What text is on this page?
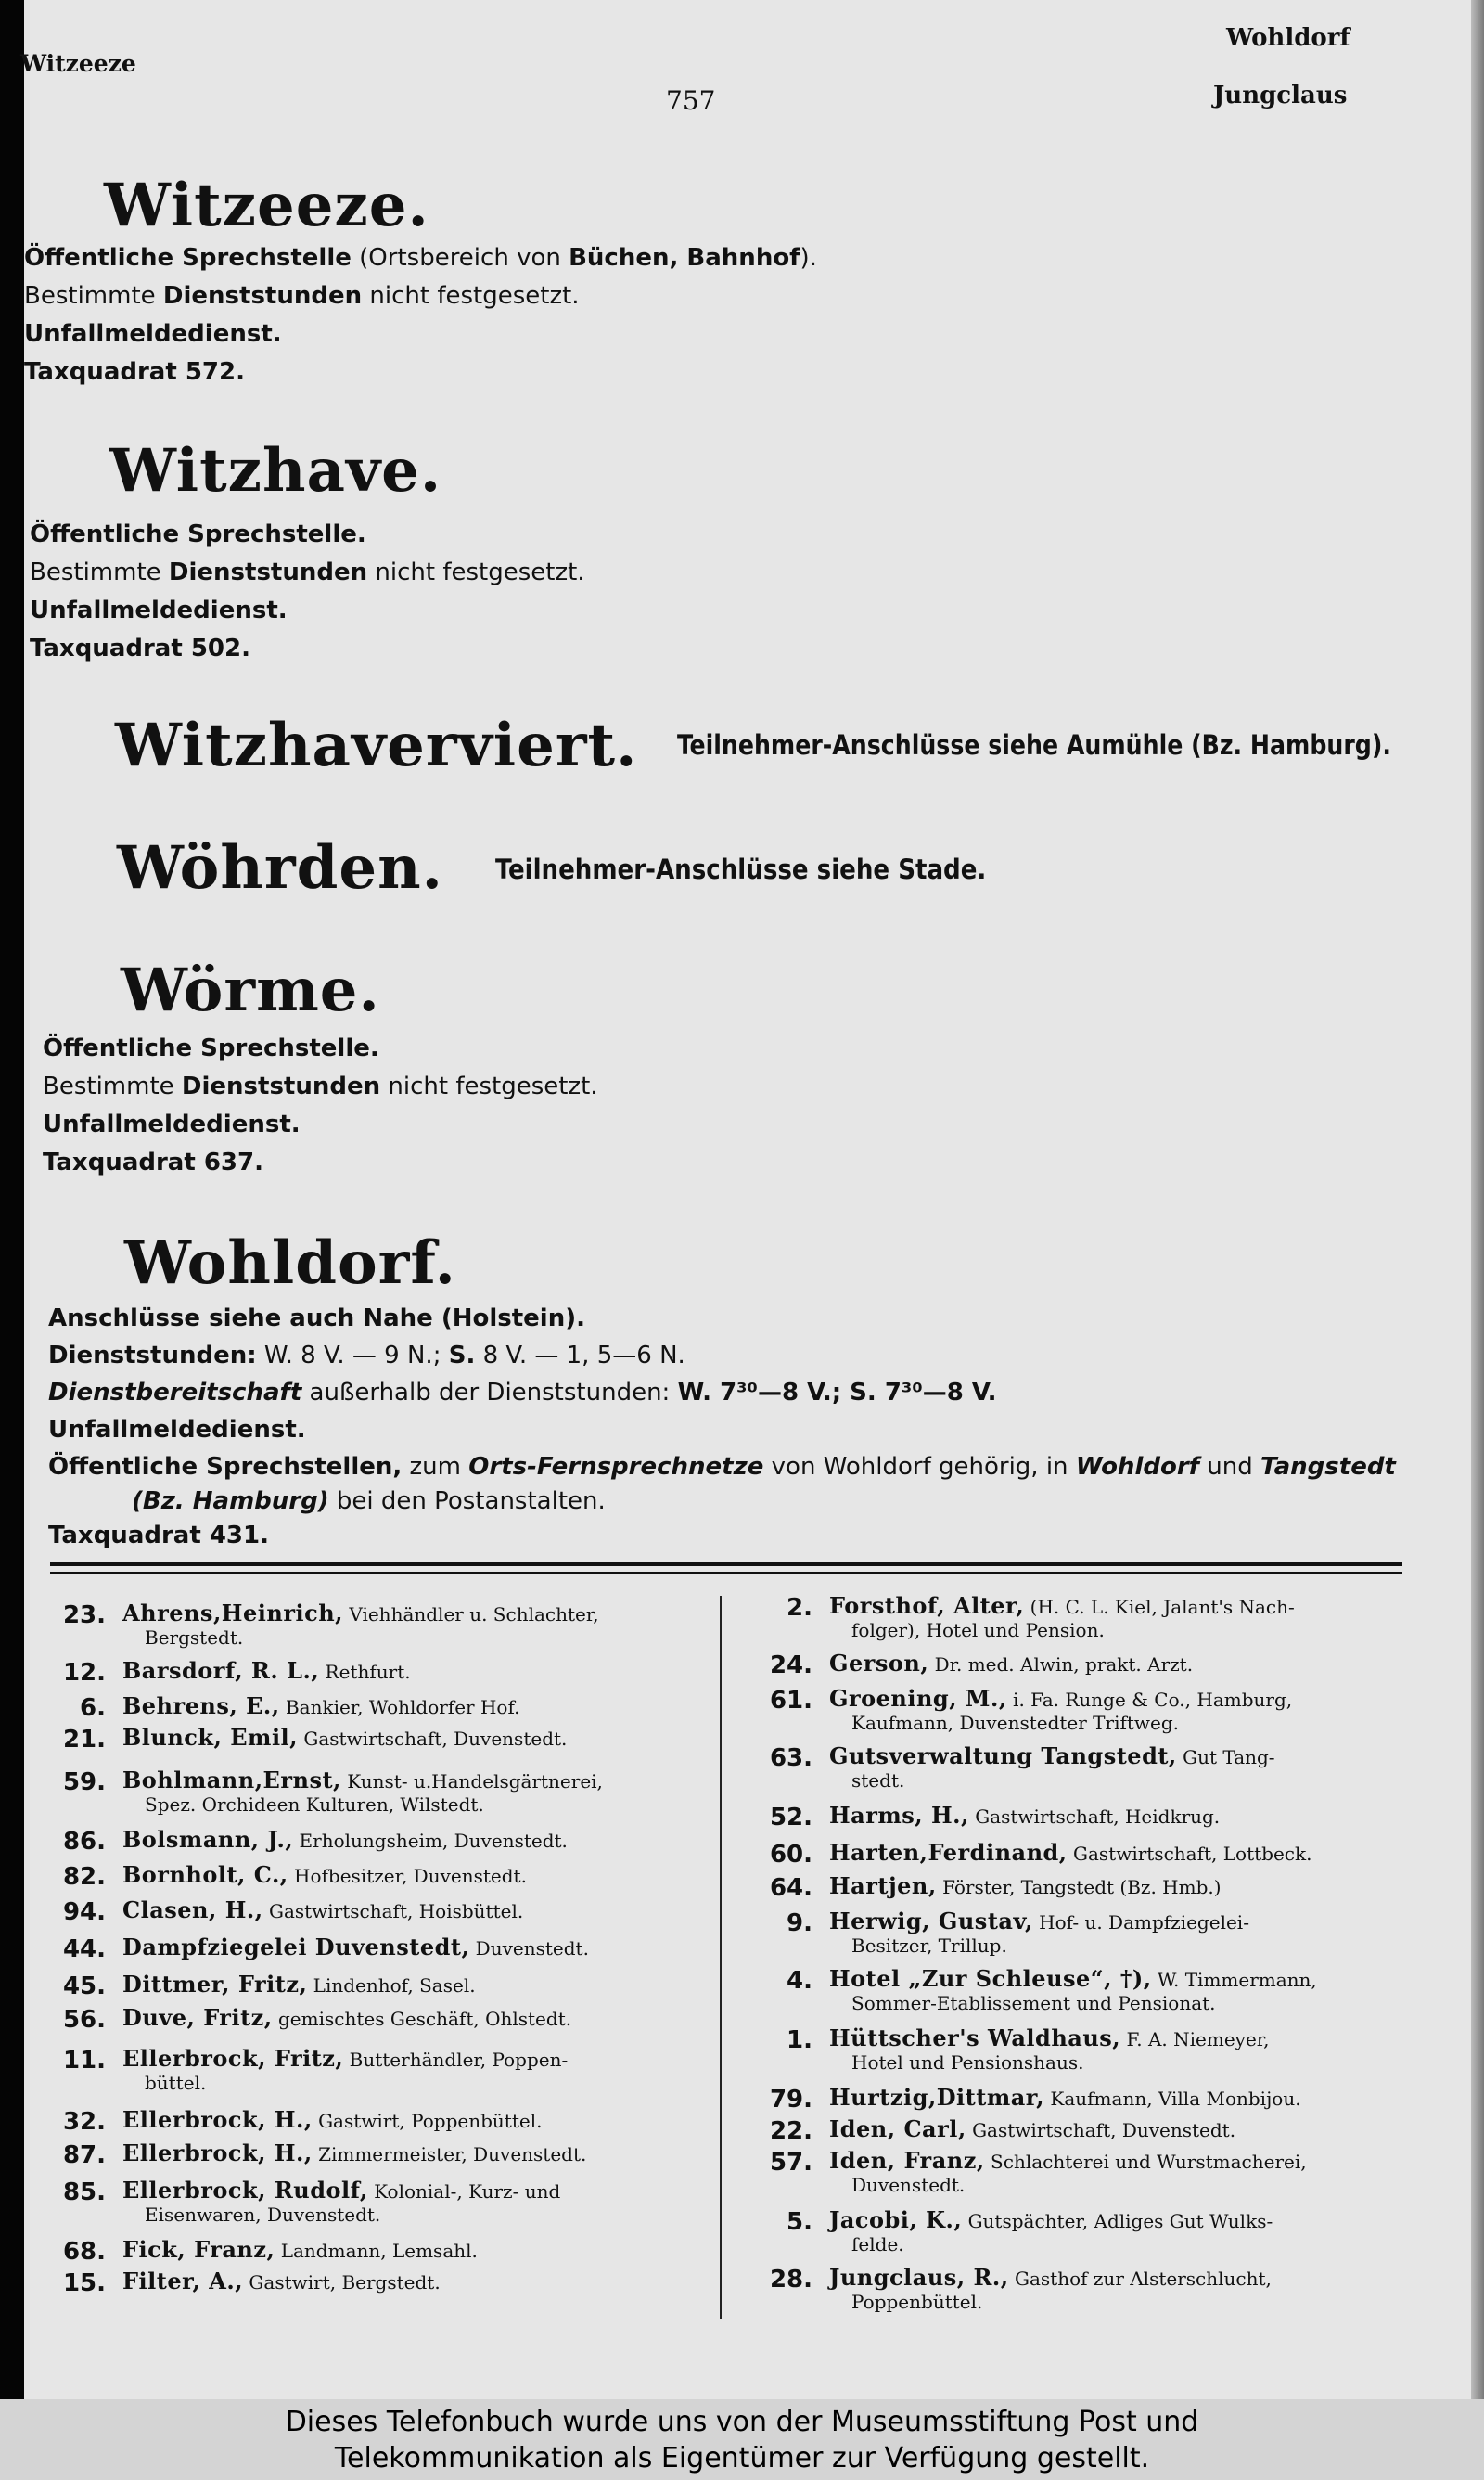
Witzeeze
757
Wohldorf
Jungclaus
Witzeeze.
Öffentliche Sprechstelle (Ortsbereich von Büchen, Bahnhof).
Bestimmte Dienststunden nicht festgesetzt.
Unfallmeldedienst.
Taxquadrat 572.
Witzhave.
Öffentliche Sprechstelle.
Bestimmte Dienststunden nicht festgesetzt.
Unfallmeldedienst.
Taxquadrat 502.
Witzhaverviert. Teilnehmer-Anschlüsse siehe Aumühle (Bz. Hamburg).
Wöhrden. Teilnehmer-Anschlüsse siehe Stade.
Wörme.
Öffentliche Sprechstelle.
Bestimmte Dienststunden nicht festgesetzt.
Unfallmeldedienst.
Taxquadrat 637.
Wohldorf.
Anschlüsse siehe auch Nahe (Holstein).
Dienststunden: W. 8 V. — 9 N.; S. 8 V. — 1, 5—6 N.
Dienstbereitschaft außerhalb der Dienststunden: W. 7³⁰—8 V.; S. 7³⁰—8 V.
Unfallmeldedienst.
Öffentliche Sprechstellen, zum Orts-Fernsprechnetze von Wohldorf gehörig, in Wohldorf und Tangstedt
(Bz. Hamburg) bei den Postanstalten.
Taxquadrat 431.
23. Ahrens,Heinrich, Viehhändler u. Schlachter,
Bergstedt.
12. Barsdorf, R. L., Rethfurt.
6. Behrens, E., Bankier, Wohldorfer Hof.
21. Blunck, Emil, Gastwirtschaft, Duvenstedt.
59. Bohlmann,Ernst, Kunst- u.Handelsgärtnerei,
Spez. Orchideen Kulturen, Wilstedt.
86. Bolsmann, J., Erholungsheim, Duvenstedt.
82. Bornholt, C., Hofbesitzer, Duvenstedt.
94. Clasen, H., Gastwirtschaft, Hoisbüttel.
44. Dampfziegelei Duvenstedt, Duvenstedt.
45. Dittmer, Fritz, Lindenhof, Sasel.
56. Duve, Fritz, gemischtes Geschäft, Ohlstedt.
11. Ellerbrock, Fritz, Butterhändler, Poppen-
büttel.
32. Ellerbrock, H., Gastwirt, Poppenbüttel.
87. Ellerbrock, H., Zimmermeister, Duvenstedt.
85. Ellerbrock, Rudolf, Kolonial-, Kurz- und
Eisenwaren, Duvenstedt.
68. Fick, Franz, Landmann, Lemsahl.
15. Filter, A., Gastwirt, Bergstedt.
2. Forsthof, Alter, (H. C. L. Kiel, Jalant's Nach-
folger), Hotel und Pension.
24. Gerson, Dr. med. Alwin, prakt. Arzt.
61. Groening, M., i. Fa. Runge & Co., Hamburg,
Kaufmann, Duvenstedter Triftweg.
63. Gutsverwaltung Tangstedt, Gut Tang-
stedt.
52. Harms, H., Gastwirtschaft, Heidkrug.
60. Harten,Ferdinand, Gastwirtschaft, Lottbeck.
64. Hartjen, Förster, Tangstedt (Bz. Hmb.)
9. Herwig, Gustav, Hof- u. Dampfziegelei-
Besitzer, Trillup.
4. Hotel „Zur Schleuse“, †), W. Timmermann,
Sommer-Etablissement und Pensionat.
1. Hüttscher's Waldhaus, F. A. Niemeyer,
Hotel und Pensionshaus.
79. Hurtzig,Dittmar, Kaufmann, Villa Monbijou.
22. Iden, Carl, Gastwirtschaft, Duvenstedt.
57. Iden, Franz, Schlachterei und Wurstmacherei,
Duvenstedt.
5. Jacobi, K., Gutspächter, Adliges Gut Wulks-
felde.
28. Jungclaus, R., Gasthof zur Alsterschlucht,
Poppenbüttel.
Dieses Telefonbuch wurde uns von der Museumsstiftung Post und
Telekommunikation als Eigentümer zur Verfügung gestellt.
